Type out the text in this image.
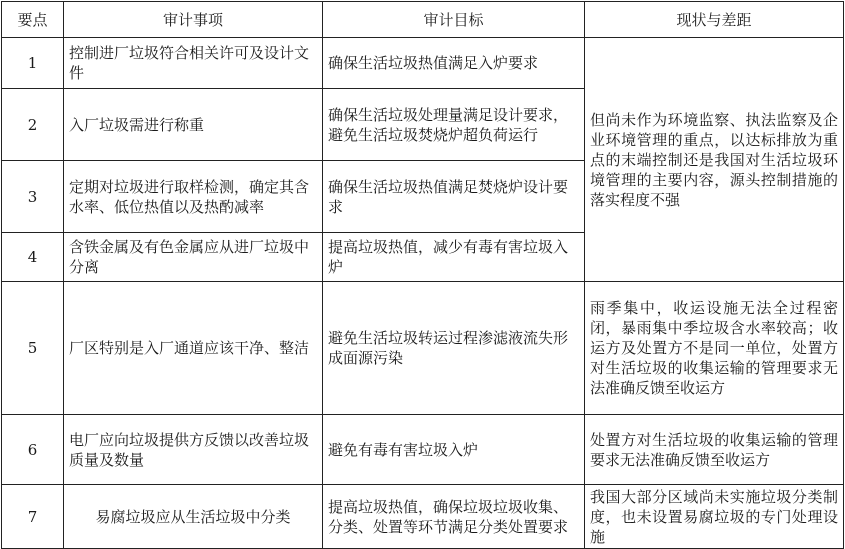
要点	审计事项	审计目标	现状与差距
1	控制进厂垃圾符合相关许可及设计文件	确保生活垃圾热值满足入炉要求	但尚未作为环境监察、执法监察及企业环境管理的重点，以达标排放为重点的末端控制还是我国对生活垃圾环境管理的主要内容，源头控制措施的落实程度不强
2	入厂垃圾需进行称重	确保生活垃圾处理量满足设计要求，避免生活垃圾焚烧炉超负荷运行	
3	定期对垃圾进行取样检测，确定其含水率、低位热值以及热酌减率	确保生活垃圾热值满足焚烧炉设计要求	
4	含铁金属及有色金属应从进厂垃圾中分离	提高垃圾热值，减少有毒有害垃圾入炉	
5	厂区特别是入厂通道应该干净、整洁	避免生活垃圾转运过程渗滤液流失形成面源污染	雨季集中，收运设施无法全过程密闭，暴雨集中季垃圾含水率较高；收运方及处置方不是同一单位，处置方对生活垃圾的收集运输的管理要求无法准确反馈至收运方
6	电厂应向垃圾提供方反馈以改善垃圾质量及数量	避免有毒有害垃圾入炉	处置方对生活垃圾的收集运输的管理要求无法准确反馈至收运方
7	易腐垃圾应从生活垃圾中分类	提高垃圾热值，确保垃圾垃圾收集、分类、处置等环节满足分类处置要求	我国大部分区域尚未实施垃圾分类制度，也未设置易腐垃圾的专门处理设施
